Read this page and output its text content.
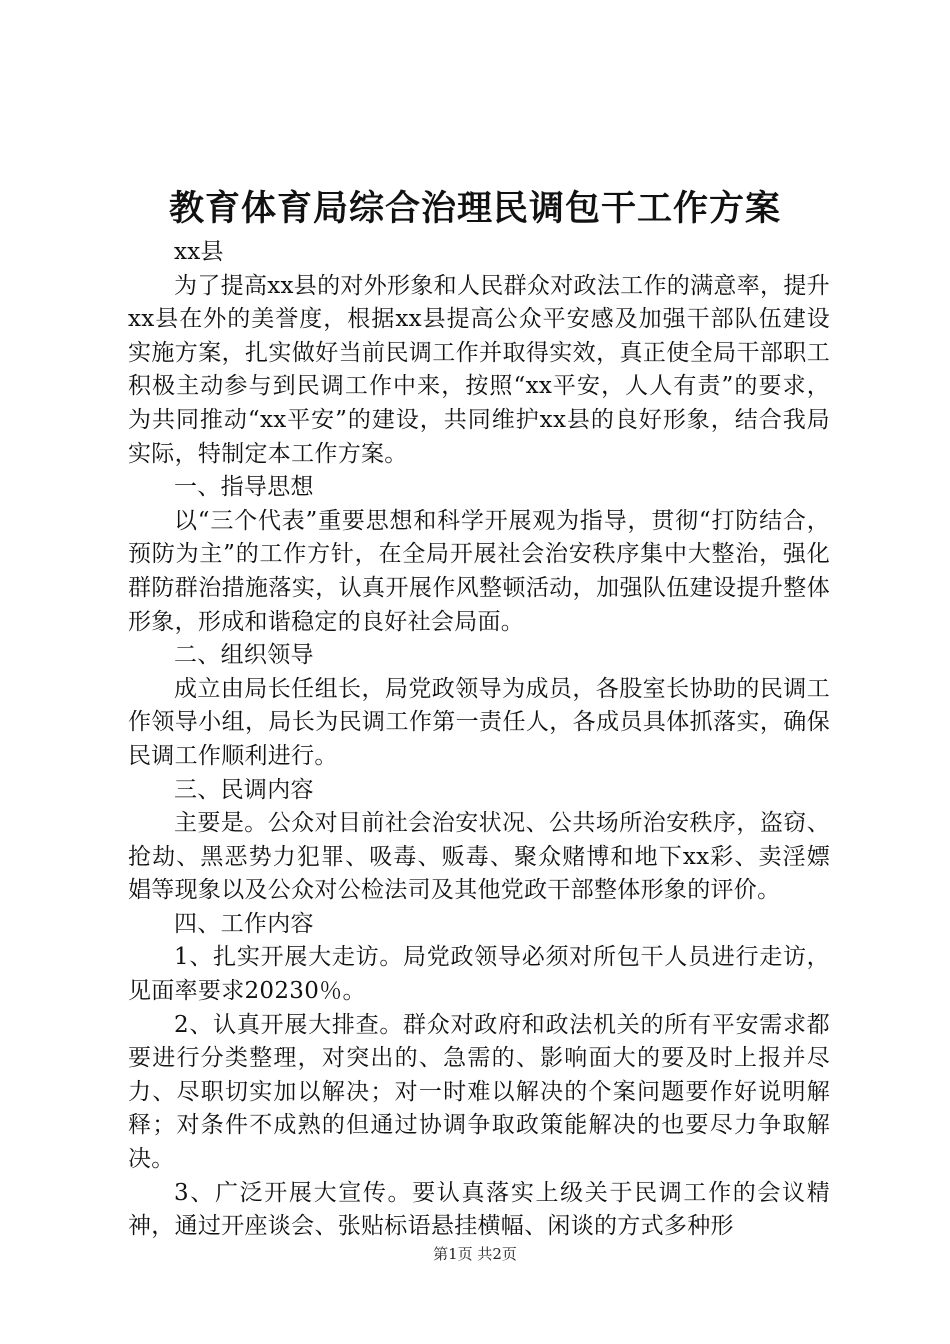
教育体育局综合治理民调包干工作方案

xx县

为了提高xx县的对外形象和人民群众对政法工作的满意率，提升xx县在外的美誉度，根据xx县提高公众平安感及加强干部队伍建设实施方案，扎实做好当前民调工作并取得实效，真正使全局干部职工积极主动参与到民调工作中来，按照“xx平安，人人有责”的要求，为共同推动“xx平安”的建设，共同维护xx县的良好形象，结合我局实际，特制定本工作方案。

一、指导思想

以“三个代表”重要思想和科学开展观为指导，贯彻“打防结合，预防为主”的工作方针，在全局开展社会治安秩序集中大整治，强化群防群治措施落实，认真开展作风整顿活动，加强队伍建设提升整体形象，形成和谐稳定的良好社会局面。

二、组织领导

成立由局长任组长，局党政领导为成员，各股室长协助的民调工作领导小组，局长为民调工作第一责任人，各成员具体抓落实，确保民调工作顺利进行。

三、民调内容

主要是。公众对目前社会治安状况、公共场所治安秩序，盗窃、抢劫、黑恶势力犯罪、吸毒、贩毒、聚众赌博和地下xx彩、卖淫嫖娼等现象以及公众对公检法司及其他党政干部整体形象的评价。

四、工作内容

1、扎实开展大走访。局党政领导必须对所包干人员进行走访，见面率要求20230％。

2、认真开展大排查。群众对政府和政法机关的所有平安需求都要进行分类整理，对突出的、急需的、影响面大的要及时上报并尽力、尽职切实加以解决；对一时难以解决的个案问题要作好说明解释；对条件不成熟的但通过协调争取政策能解决的也要尽力争取解决。

3、广泛开展大宣传。要认真落实上级关于民调工作的会议精神，通过开座谈会、张贴标语悬挂横幅、闲谈的方式多种形

第1页 共2页
